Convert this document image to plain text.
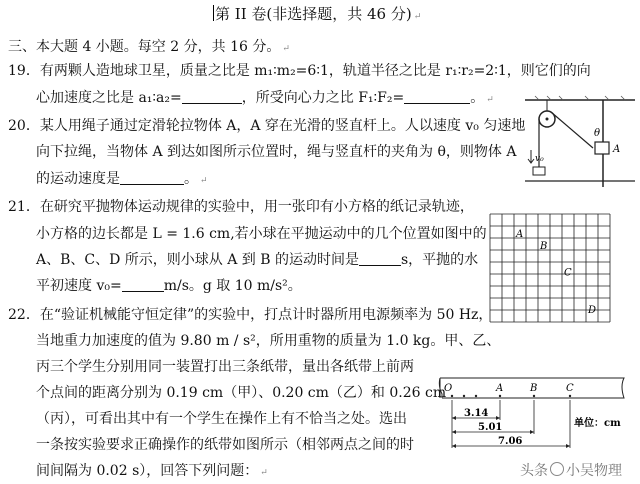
第 II 卷(非选择题，共 46 分) ↵
三、本大题 4 小题。每空 2 分，共 16 分。 ↵
19．有两颗人造地球卫星，质量之比是 m₁∶m₂=6∶1，轨道半径之比是 r₁∶r₂=2∶1，则它们的向
心加速度之比是 a₁∶a₂=	，所受向心力之比 F₁∶F₂=	。 ↵
20．某人用绳子通过定滑轮拉物体 A，A 穿在光滑的竖直杆上。人以速度 v₀ 匀速地
向下拉绳，当物体 A 到达如图所示位置时，绳与竖直杆的夹角为 θ，则物体 A
的运动速度是	。 ↵
A
θ
v₀
21．在研究平抛物体运动规律的实验中，用一张印有小方格的纸记录轨迹，
小方格的边长都是 L = 1.6 cm,若小球在平抛运动中的几个位置如图中的
A、B、C、D 所示，则小球从 A 到 B 的运动时间是	s，平抛的水
平初速度 v₀=	m/s。g 取 10 m/s²。
A
B
C
D
22．在“验证机械能守恒定律”的实验中，打点计时器所用电源频率为 50 Hz，
当地重力加速度的值为 9.80 m / s²，所用重物的质量为 1.0 kg。甲、乙、
丙三个学生分别用同一装置打出三条纸带，量出各纸带上前两
个点间的距离分别为 0.19 cm（甲）、0.20 cm（乙）和 0.26 cm
（丙），可看出其中有一个学生在操作上有不恰当之处。选出
一条按实验要求正确操作的纸带如图所示（相邻两点之间的时
间间隔为 0.02 s），回答下列问题： ↵
O	A	B	C
3.14
5.01
7.06
单位：cm
头条 小吴物理
